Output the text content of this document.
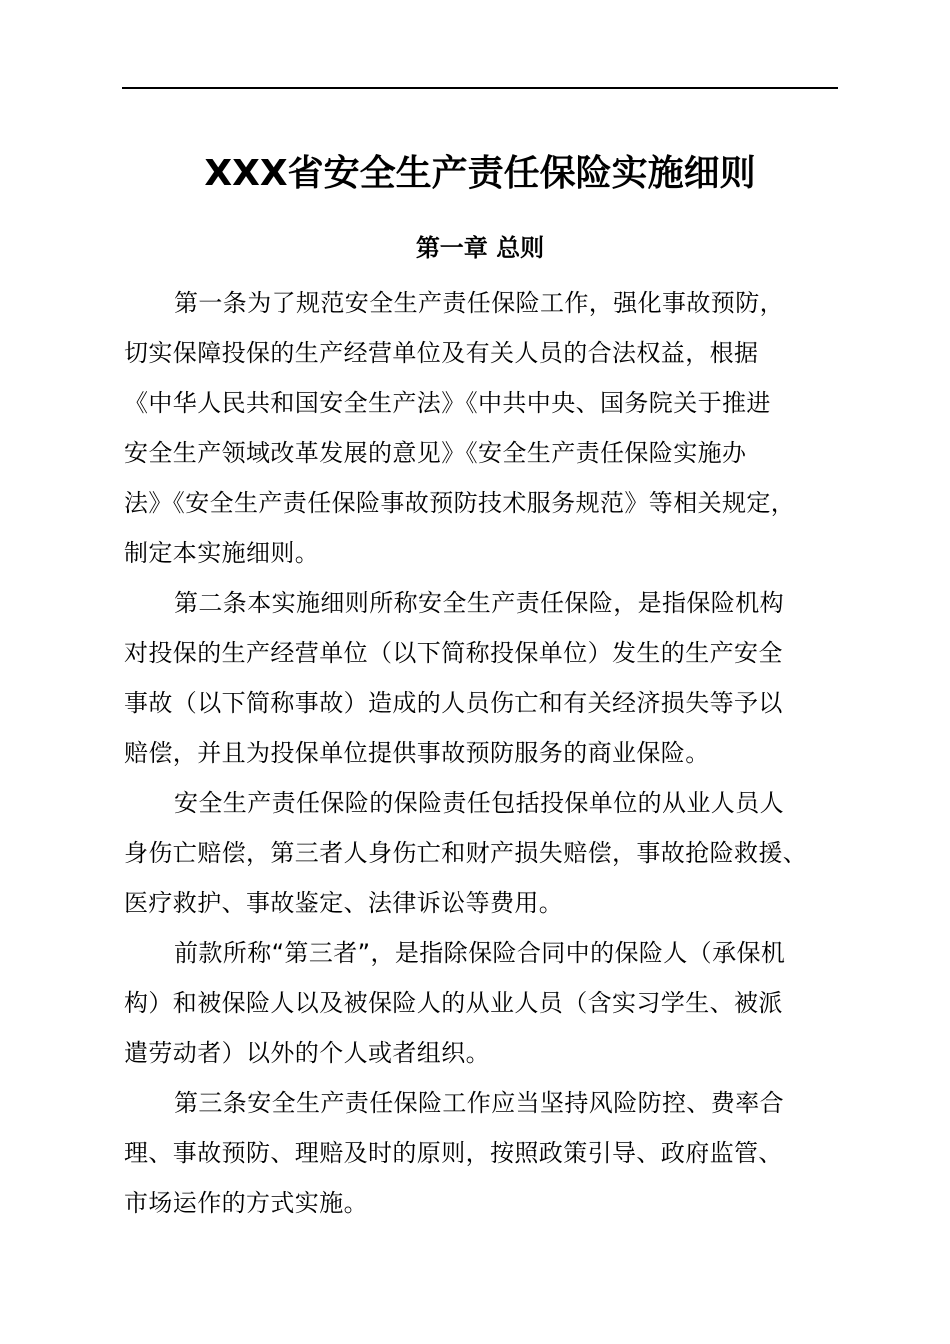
XXX省安全生产责任保险实施细则
第一章 总则

第一条为了规范安全生产责任保险工作，强化事故预防，
切实保障投保的生产经营单位及有关人员的合法权益，根据
《中华人民共和国安全生产法》《中共中央、国务院关于推进
安全生产领域改革发展的意见》《安全生产责任保险实施办
法》《安全生产责任保险事故预防技术服务规范》等相关规定，
制定本实施细则。

第二条本实施细则所称安全生产责任保险，是指保险机构
对投保的生产经营单位（以下简称投保单位）发生的生产安全
事故（以下简称事故）造成的人员伤亡和有关经济损失等予以
赔偿，并且为投保单位提供事故预防服务的商业保险。

安全生产责任保险的保险责任包括投保单位的从业人员人
身伤亡赔偿，第三者人身伤亡和财产损失赔偿，事故抢险救援、
医疗救护、事故鉴定、法律诉讼等费用。

前款所称“第三者”，是指除保险合同中的保险人（承保机
构）和被保险人以及被保险人的从业人员（含实习学生、被派
遣劳动者）以外的个人或者组织。

第三条安全生产责任保险工作应当坚持风险防控、费率合
理、事故预防、理赔及时的原则，按照政策引导、政府监管、
市场运作的方式实施。
